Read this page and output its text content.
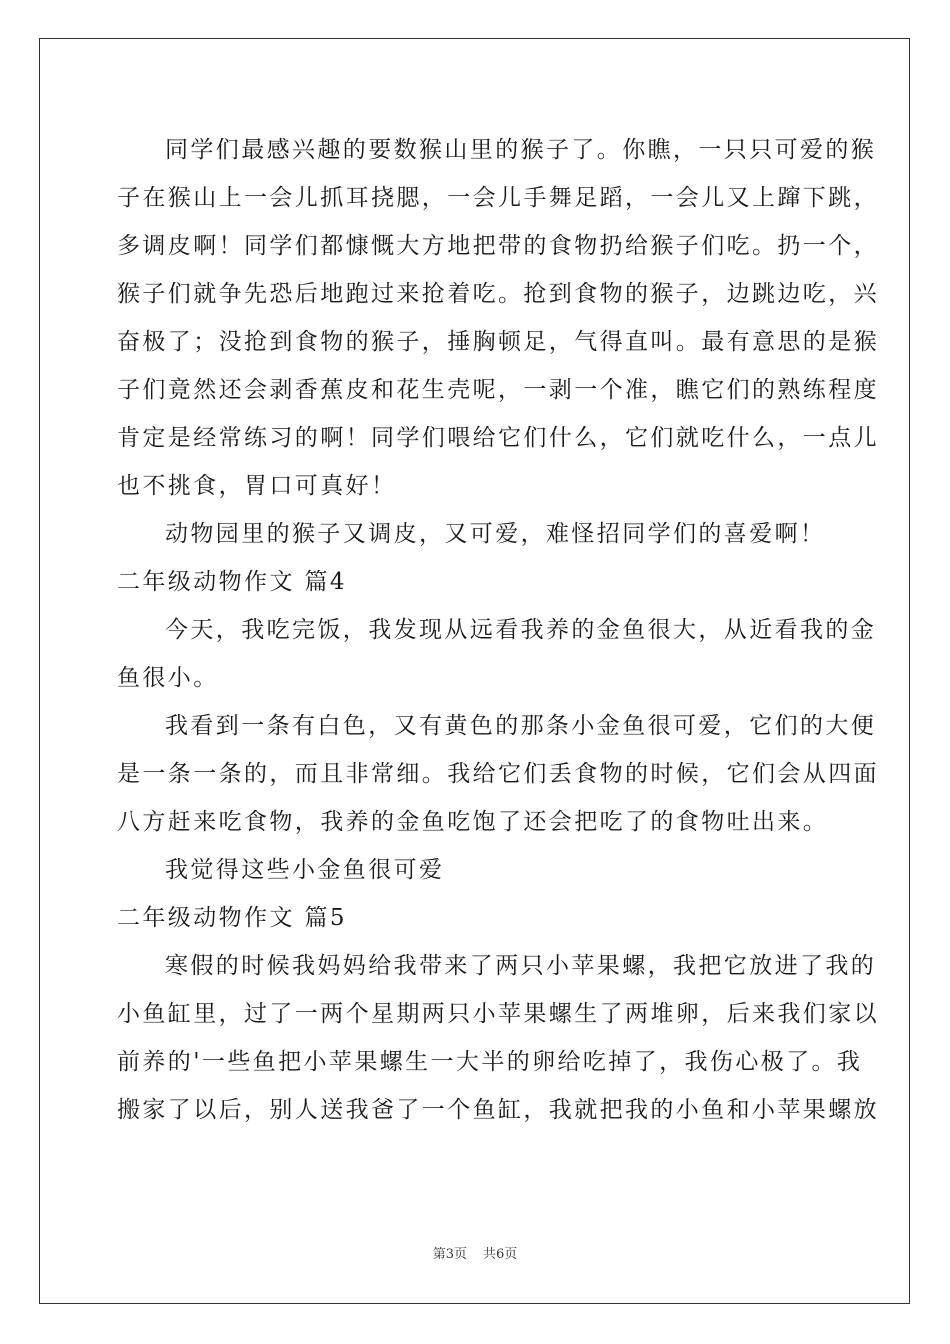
同学们最感兴趣的要数猴山里的猴子了。你瞧，一只只可爱的猴
子在猴山上一会儿抓耳挠腮，一会儿手舞足蹈，一会儿又上蹿下跳，
多调皮啊！同学们都慷慨大方地把带的食物扔给猴子们吃。扔一个，
猴子们就争先恐后地跑过来抢着吃。抢到食物的猴子，边跳边吃，兴
奋极了；没抢到食物的猴子，捶胸顿足，气得直叫。最有意思的是猴
子们竟然还会剥香蕉皮和花生壳呢，一剥一个准，瞧它们的熟练程度
肯定是经常练习的啊！同学们喂给它们什么，它们就吃什么，一点儿
也不挑食，胃口可真好！
动物园里的猴子又调皮，又可爱，难怪招同学们的喜爱啊！
二年级动物作文 篇4
今天，我吃完饭，我发现从远看我养的金鱼很大，从近看我的金
鱼很小。
我看到一条有白色，又有黄色的那条小金鱼很可爱，它们的大便
是一条一条的，而且非常细。我给它们丢食物的时候，它们会从四面
八方赶来吃食物，我养的金鱼吃饱了还会把吃了的食物吐出来。
我觉得这些小金鱼很可爱
二年级动物作文 篇5
寒假的时候我妈妈给我带来了两只小苹果螺，我把它放进了我的
小鱼缸里，过了一两个星期两只小苹果螺生了两堆卵，后来我们家以
前养的'一些鱼把小苹果螺生一大半的卵给吃掉了，我伤心极了。我
搬家了以后，别人送我爸了一个鱼缸，我就把我的小鱼和小苹果螺放
第3页 共6页
